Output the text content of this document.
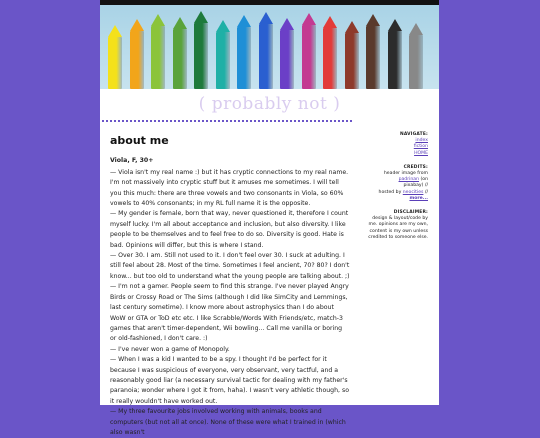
( probably not )
about me
Viola, F, 30+

— Viola isn't my real name :) but it has cryptic connections to my real name. I'm not massively into cryptic stuff but it amuses me sometimes. I will tell you this much: there are three vowels and two consonants in Viola, so 60% vowels to 40% consonants; in my RL full name it is the opposite.

— My gender is female, born that way, never questioned it, therefore I count myself lucky. I'm all about acceptance and inclusion, but also diversity. I like people to be themselves and to feel free to do so. Diversity is good. Hate is bad. Opinions will differ, but this is where I stand.

— Over 30. I am. Still not used to it. I don't feel over 30. I suck at adulting. I still feel about 28. Most of the time. Sometimes I feel ancient, 70? 80? I don't know... but too old to understand what the young people are talking about. ;)

— I'm not a gamer. People seem to find this strange. I've never played Angry Birds or Crossy Road or The Sims (although I did like SimCity and Lemmings, last century sometime). I know more about astrophysics than I do about WoW or GTA or ToD etc etc. I like Scrabble/Words With Friends/etc, match-3 games that aren't timer-dependent, Wii bowling... Call me vanilla or boring or old-fashioned, I don't care. :)

— I've never won a game of Monopoly.

— When I was a kid I wanted to be a spy. I thought I'd be perfect for it because I was suspicious of everyone, very observant, very tactful, and a reasonably good liar (a necessary survival tactic for dealing with my father's paranoia; wonder where I got it from, haha). I wasn't very athletic though, so it really wouldn't have worked out.

— My three favourite jobs involved working with animals, books and computers (but not all at once). None of these were what I trained in (which also wasn't

NAVIGATE:
index
fiction
HOME
CREDITS:
header image from
padrinan (on
pixabay) //
hosted by neocities //
more...
DISCLAIMER:
design & layout/code by me. opinions are my own, content is my own unless credited to someone else.
